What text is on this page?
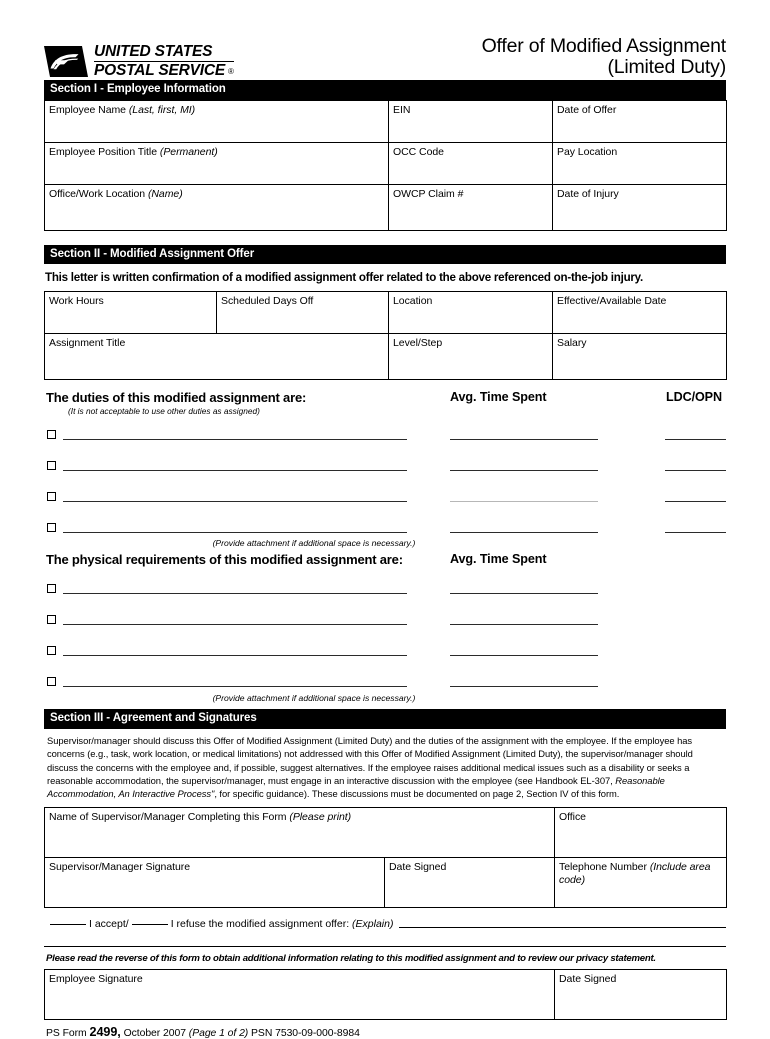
UNITED STATES
POSTAL SERVICE ®
Offer of Modified Assignment
(Limited Duty)
Section I - Employee Information
Employee Name (Last, first, MI)	EIN	Date of Offer
Employee Position Title (Permanent)	OCC Code	Pay Location
Office/Work Location (Name)	OWCP Claim #	Date of Injury
Section II - Modified Assignment Offer
This letter is written confirmation of a modified assignment offer related to the above referenced on-the-job injury.
Work Hours	Scheduled Days Off	Location	Effective/Available Date
Assignment Title		Level/Step	Salary
The duties of this modified assignment are:
(It is not acceptable to use other duties as assigned)
Avg. Time Spent	LDC/OPN
(Provide attachment if additional space is necessary.)
The physical requirements of this modified assignment are:	Avg. Time Spent
(Provide attachment if additional space is necessary.)
Section III - Agreement and Signatures
Supervisor/manager should discuss this Offer of Modified Assignment (Limited Duty) and the duties of the assignment with the employee. If the employee has concerns (e.g., task, work location, or medical limitations) not addressed with this Offer of Modified Assignment (Limited Duty), the supervisor/manager should discuss the concerns with the employee and, if possible, suggest alternatives. If the employee raises additional medical issues such as a disability or seeks a reasonable accommodation, the supervisor/manager, must engage in an interactive discussion with the employee (see Handbook EL-307, Reasonable Accommodation, An Interactive Process", for specific guidance). These discussions must be documented on page 2, Section IV of this form.
Name of Supervisor/Manager Completing this Form (Please print)		Office
Supervisor/Manager Signature	Date Signed	Telephone Number (Include area code)
I accept/	I refuse the modified assignment offer: (Explain)
Please read the reverse of this form to obtain additional information relating to this modified assignment and to review our privacy statement.
Employee Signature	Date Signed
PS Form 2499, October 2007 (Page 1 of 2) PSN 7530-09-000-8984
